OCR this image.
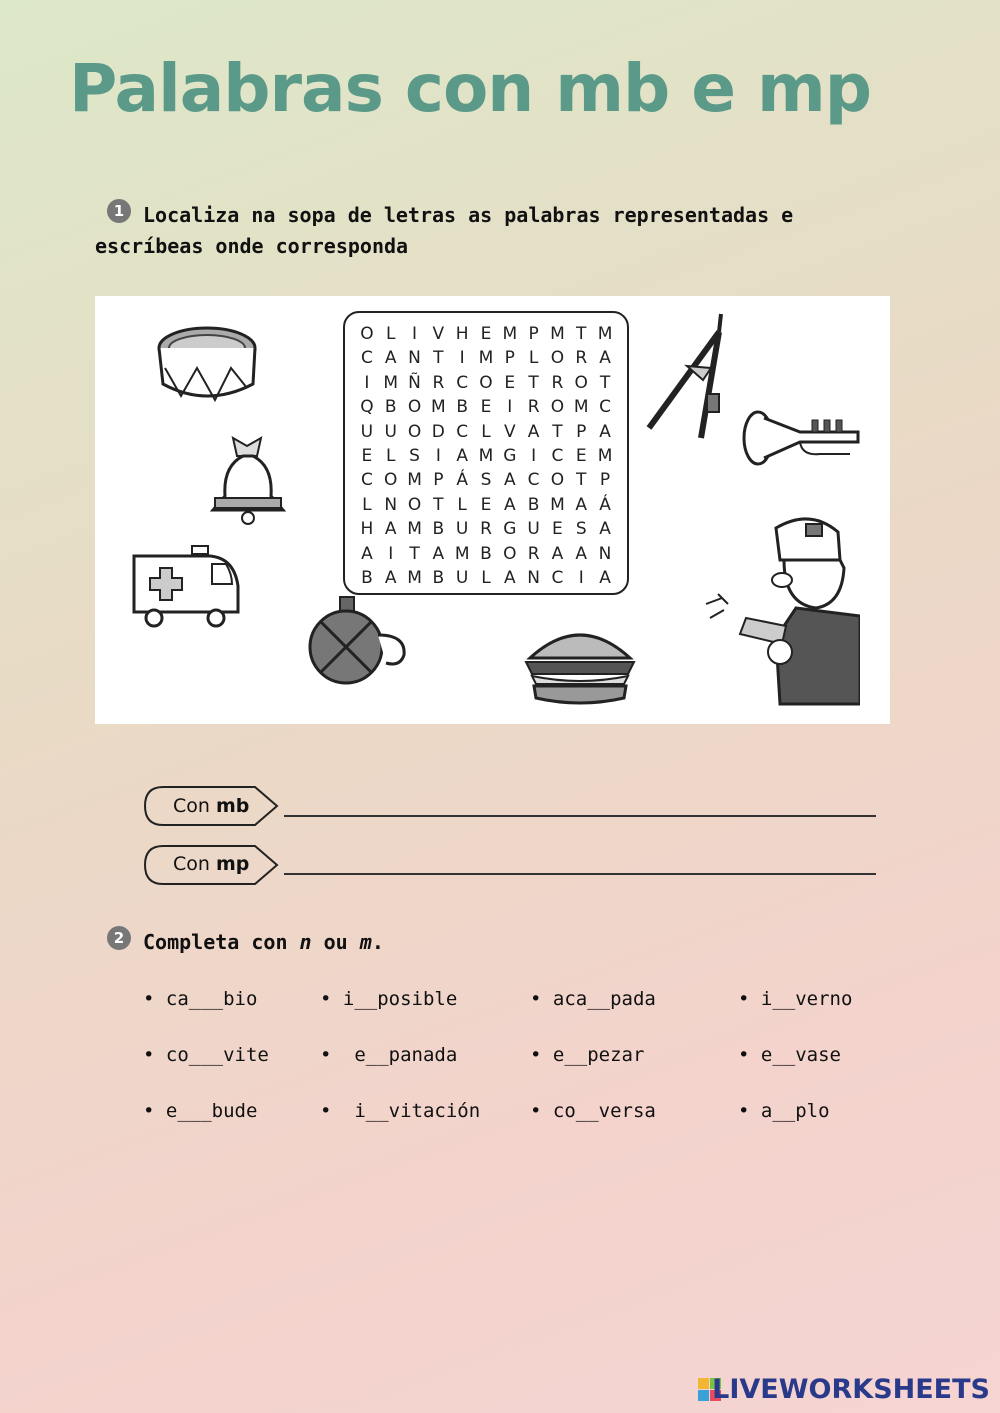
Palabras con mb e mp
1 Localiza na sopa de letras as palabras representadas e
escríbeas onde corresponda
O L I V H E M P M T M
C A N T I M P L O R A
I M Ñ R C O E T R O T
Q B O M B E I R O M C
U U O D C L V A T P A
E L S I A M G I C E M
C O M P Á S A C O T P
L N O T L E A B M A Á
H A M B U R G U E S A
A I T A M B O R A A N
B A M B U L A N C I A
Con mb
Con mp
2 Completa con n ou m.
• ca___bio	• i__posible	• aca__pada	• i__verno
• co___vite	•  e__panada	• e__pezar	• e__vase
• e___bude	•  i__vitación	• co__versa	• a__plo
LIVEWORKSHEETS
